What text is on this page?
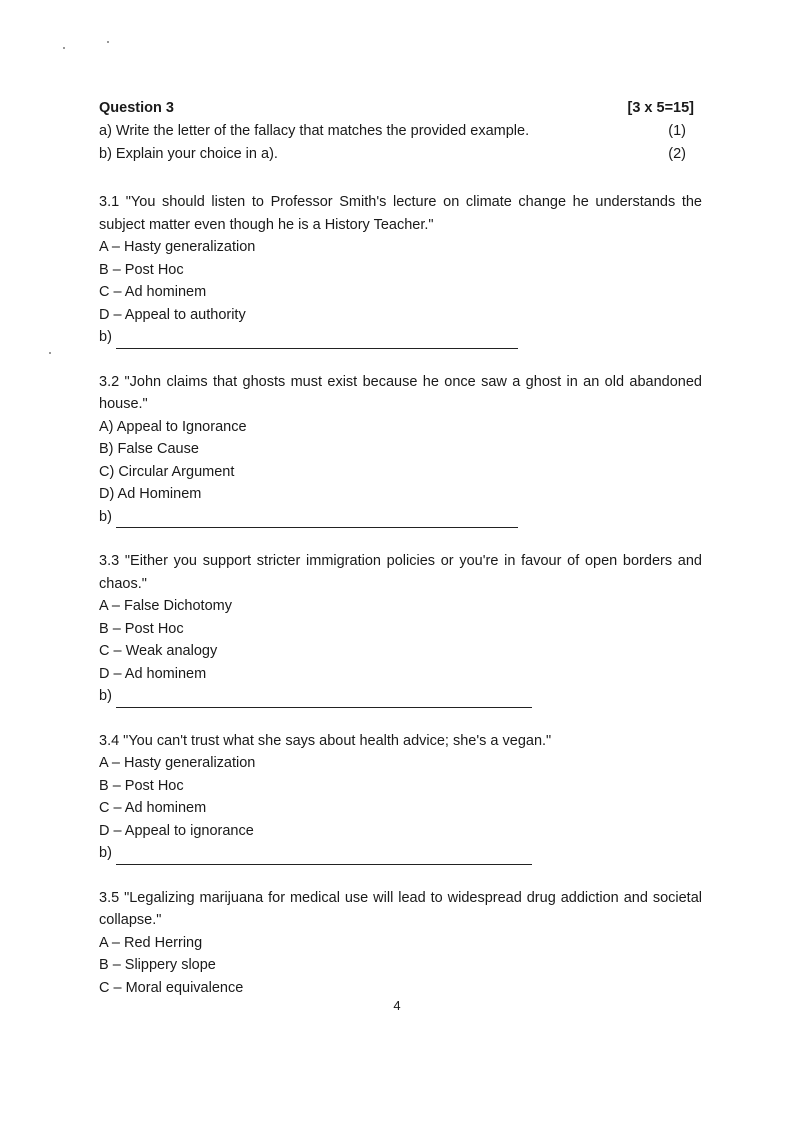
Question 3	[3 x 5=15]
a) Write the letter of the fallacy that matches the provided example.	(1)
b) Explain your choice in a).	(2)

3.1 "You should listen to Professor Smith's lecture on climate change he understands the subject matter even though he is a History Teacher."

A – Hasty generalization
B – Post Hoc
C – Ad hominem
D – Appeal to authority
b)

3.2 "John claims that ghosts must exist because he once saw a ghost in an old abandoned house."

A) Appeal to Ignorance
B) False Cause
C) Circular Argument
D) Ad Hominem
b)

3.3 "Either you support stricter immigration policies or you're in favour of open borders and chaos."

A – False Dichotomy
B – Post Hoc
C – Weak analogy
D – Ad hominem
b)

3.4 "You can't trust what she says about health advice; she's a vegan."

A – Hasty generalization
B – Post Hoc
C – Ad hominem
D – Appeal to ignorance
b)

3.5 "Legalizing marijuana for medical use will lead to widespread drug addiction and societal collapse."

A – Red Herring
B – Slippery slope
C – Moral equivalence
4
